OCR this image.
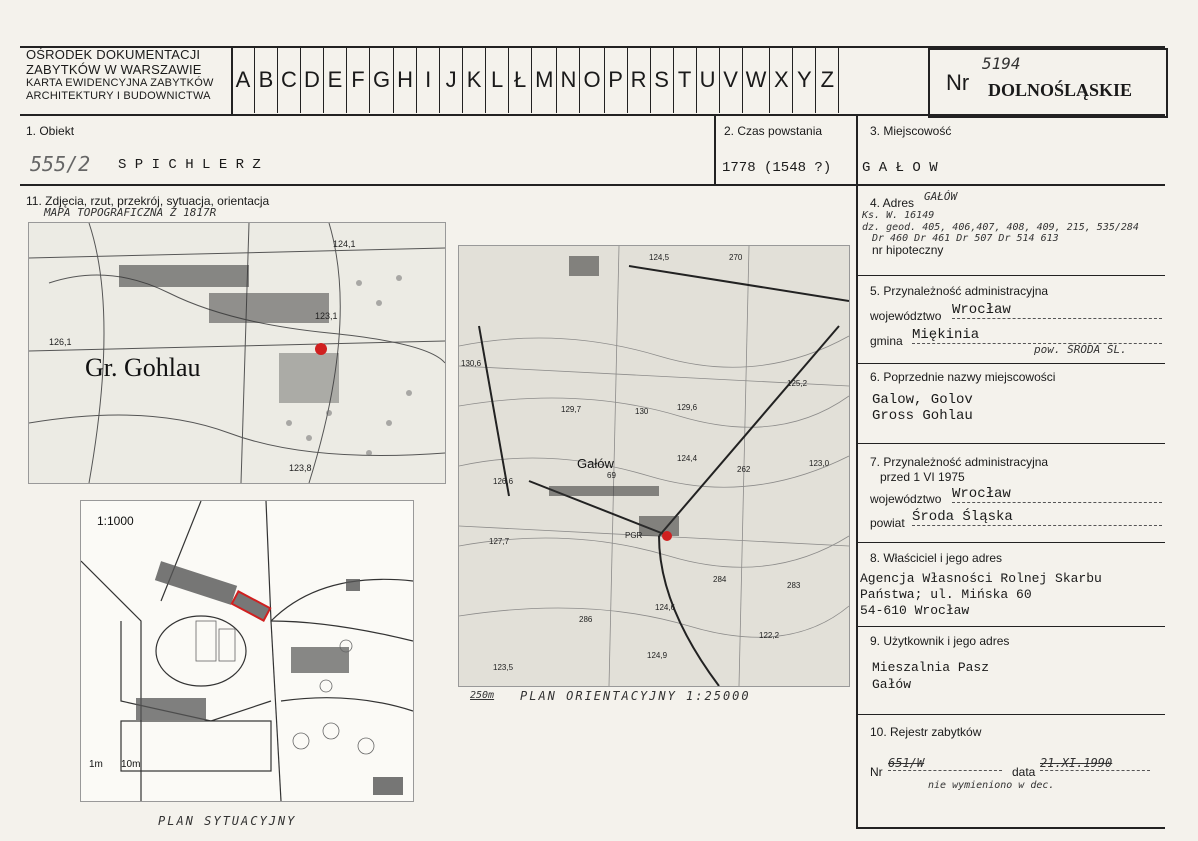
OŚRODEK DOKUMENTACJI
ZABYTKÓW W WARSZAWIE
KARTA EWIDENCYJNA ZABYTKÓW
ARCHITEKTURY I BUDOWNICTWA
A B C D E F G H I J K L Ł M N O P R S T U V W X Y Z	Nr
5194
DOLNOŚLĄSKIE
1. Obiekt
555/2 S P I C H L E R Z
2. Czas powstania
1778 (1548 ?)
3. Miejscowość
G A Ł O W
11. Zdjęcia, rzut, przekrój, sytuacja, orientacja
MAPA TOPOGRAFICZNA Z 1817R
Gr. Gohlau
124,1
126,1
123,1
123,8	Gałów
124,5	270
130,6
125,2
129,7	130	129,6
124,4
262
126,6
69
127,7
PGR
284
124,6
286
283
122,2
123,5
124,9
123,0
250m PLAN ORIENTACYJNY 1:25000
1:1000
1m 10m
PLAN SYTUACYJNY
4. Adres GAŁÓW
Ks. W. 16149
dz. geod. 405, 406,407, 408, 409, 215, 535/284
Dr 460 Dr 461 Dr 507 Dr 514 613
nr hipoteczny
5. Przynależność administracyjna
województwo Wrocław
gmina Miękinia
pow. ŚRODA ŚL.
6. Poprzednie nazwy miejscowości
Galow, Golov
Gross Gohlau
7. Przynależność administracyjna
przed 1 VI 1975
województwo Wrocław
powiat Środa Śląska
8. Właściciel i jego adres
Agencja Własności Rolnej Skarbu
Państwa; ul. Mińska 60
54-610 Wrocław
9. Użytkownik i jego adres
Mieszalnia Pasz
Gałów
10. Rejestr zabytków
Nr
651/W
data
21.XI.1990
nie wymieniono w dec.
